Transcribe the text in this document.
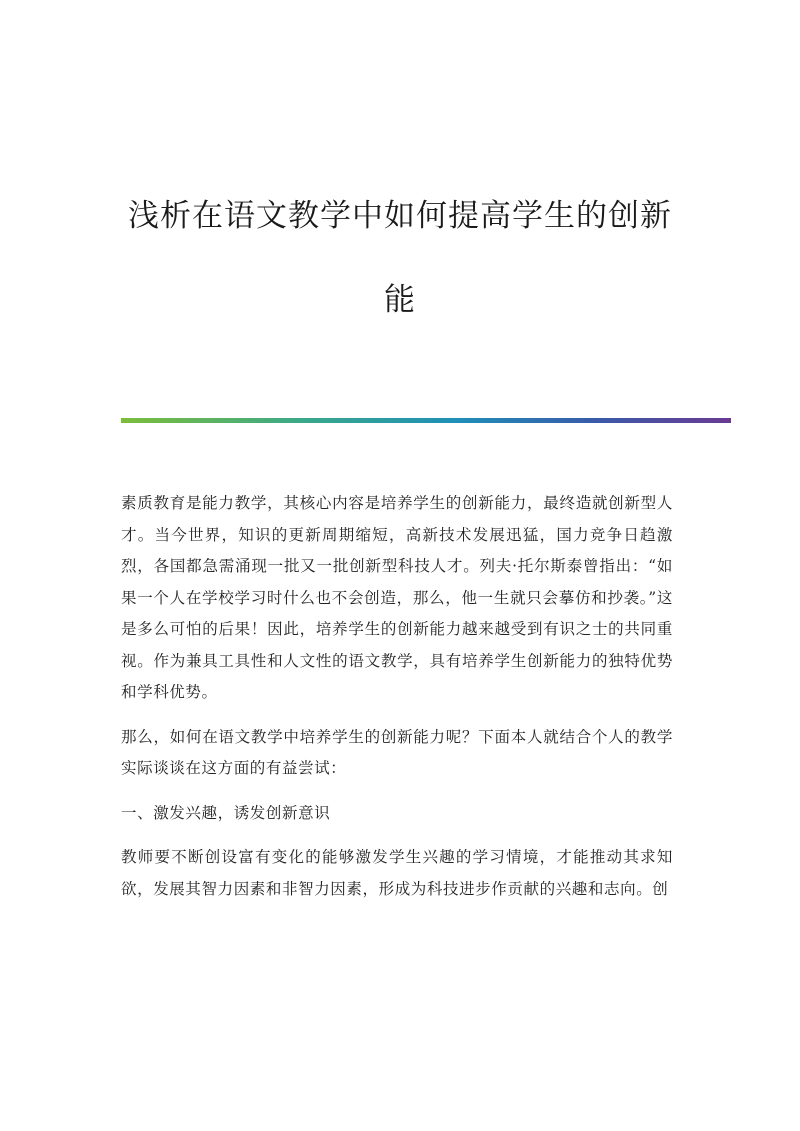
浅析在语文教学中如何提高学生的创新
能

素质教育是能力教学，其核心内容是培养学生的创新能力，最终造就创新型人才。当今世界，知识的更新周期缩短，高新技术发展迅猛，国力竞争日趋激烈，各国都急需涌现一批又一批创新型科技人才。列夫·托尔斯泰曾指出：“如果一个人在学校学习时什么也不会创造，那么，他一生就只会摹仿和抄袭。”这是多么可怕的后果！因此，培养学生的创新能力越来越受到有识之士的共同重视。作为兼具工具性和人文性的语文教学，具有培养学生创新能力的独特优势和学科优势。

那么，如何在语文教学中培养学生的创新能力呢？下面本人就结合个人的教学实际谈谈在这方面的有益尝试：

一、激发兴趣，诱发创新意识

教师要不断创设富有变化的能够激发学生兴趣的学习情境，才能推动其求知欲，发展其智力因素和非智力因素，形成为科技进步作贡献的兴趣和志向。创
